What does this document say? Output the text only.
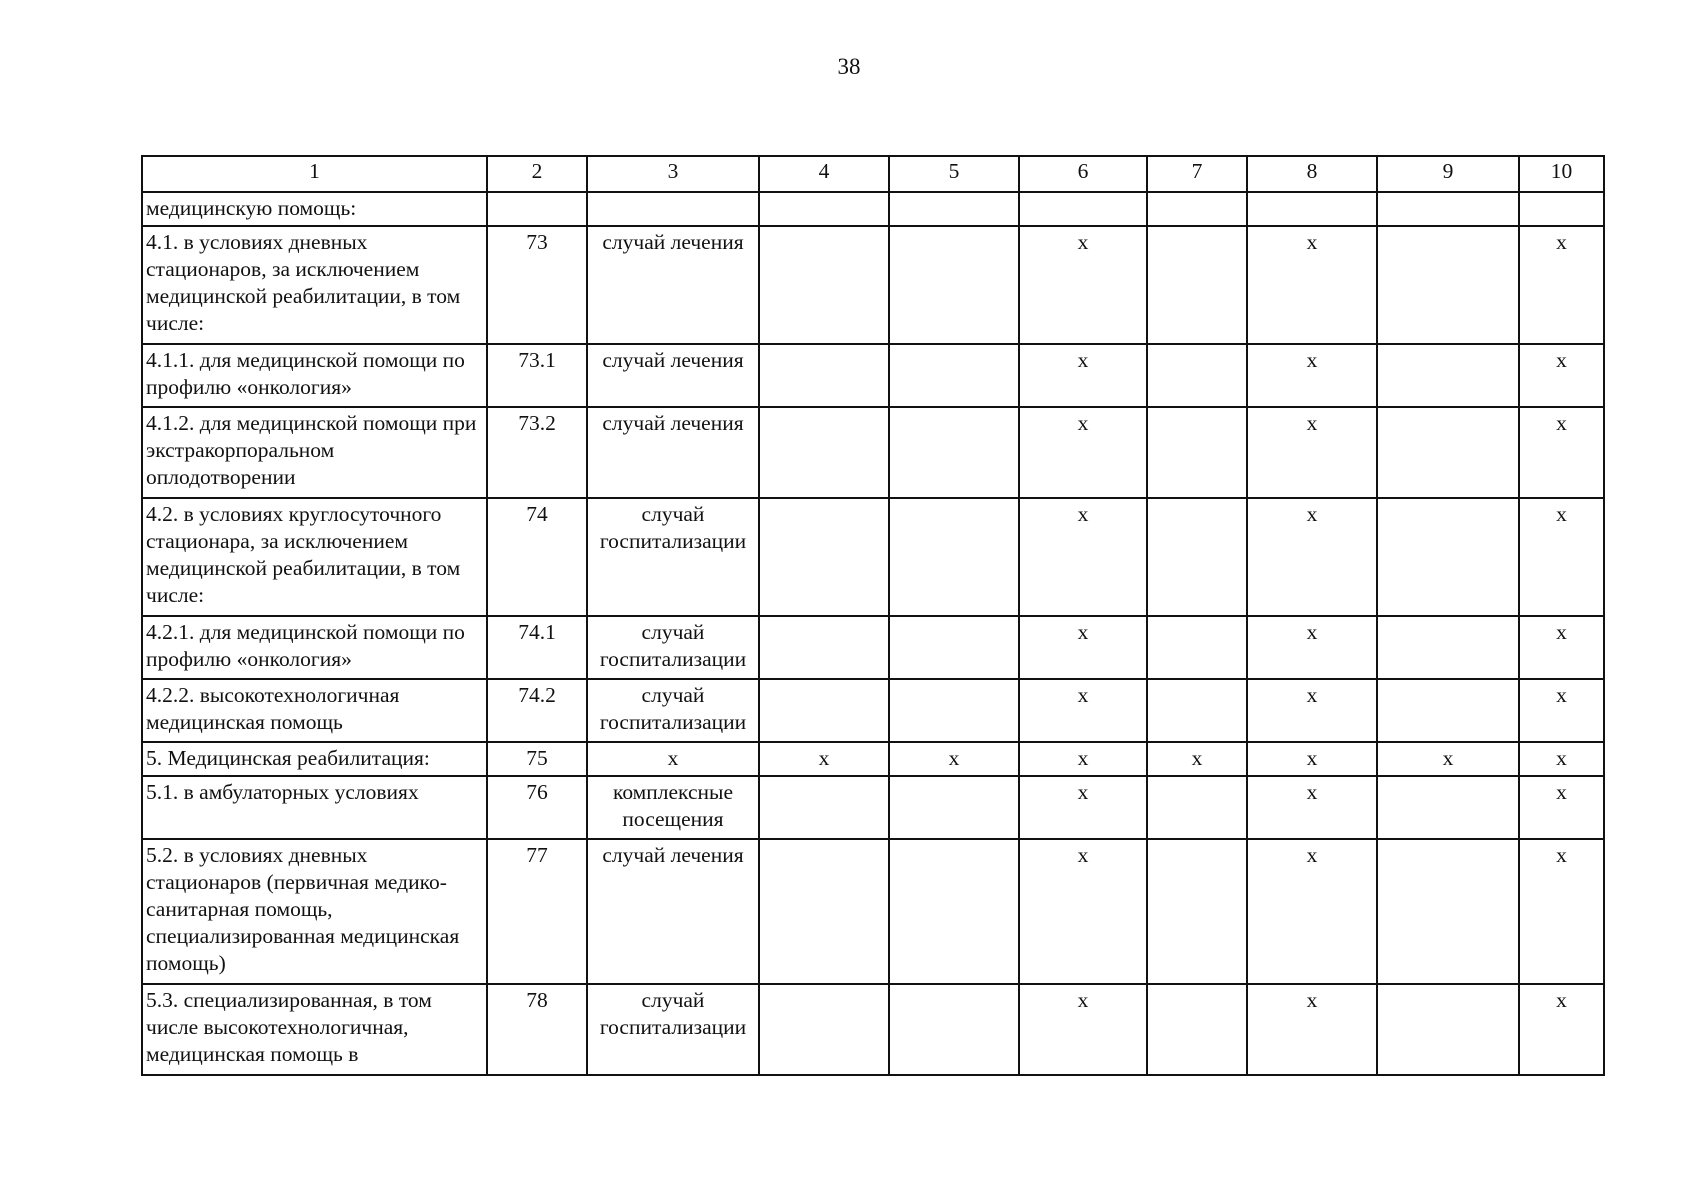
38
1	2	3	4	5	6	7	8	9	10
медицинскую помощь:									
4.1. в условиях дневных стационаров, за исключением медицинской реабилитации, в том числе:	73	случай лечения			х		х		х
4.1.1. для медицинской помощи по профилю «онкология»	73.1	случай лечения			х		х		х
4.1.2. для медицинской помощи при экстракорпоральном оплодотворении	73.2	случай лечения			х		х		х
4.2. в условиях круглосуточного стационара, за исключением медицинской реабилитации, в том числе:	74	случай госпитализации			х		х		х
4.2.1. для медицинской помощи по профилю «онкология»	74.1	случай госпитализации			х		х		х
4.2.2. высокотехнологичная медицинская помощь	74.2	случай госпитализации			х		х		х
5. Медицинская реабилитация:	75	х	х	х	х	х	х	х	х
5.1. в амбулаторных условиях	76	комплексные посещения			х		х		х
5.2. в условиях дневных стационаров (первичная медико-санитарная помощь, специализированная медицинская помощь)	77	случай лечения			х		х		х
5.3. специализированная, в том числе высокотехнологичная, медицинская помощь в	78	случай госпитализации			х		х		х
